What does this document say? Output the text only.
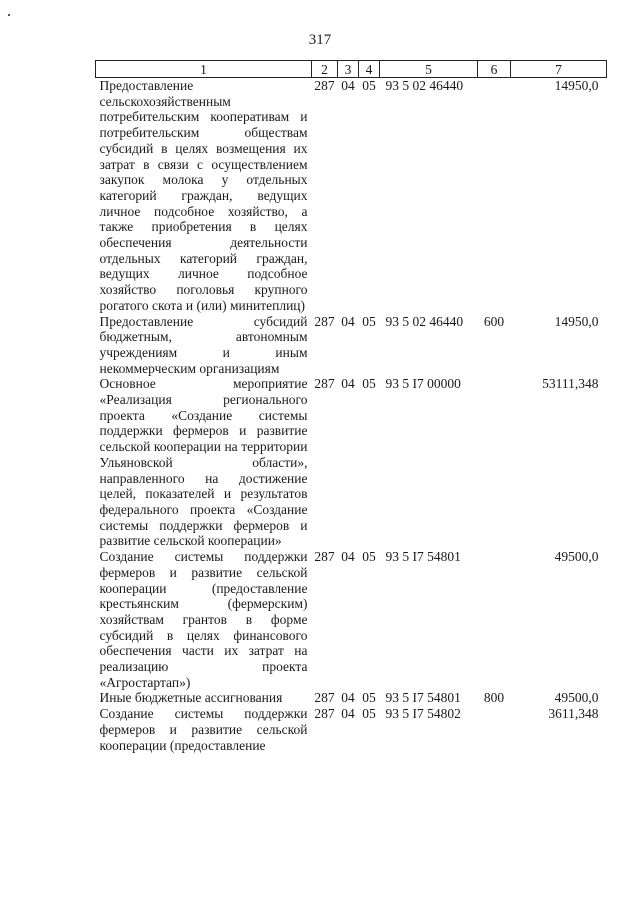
317
1	2	3	4	5	6	7
Предоставление сельскохозяйственным потребительским кооперативам и потребительским обществам субсидий в целях возмещения их затрат в связи с осуществлением закупок молока у отдельных категорий граждан, ведущих личное подсобное хозяйство, а также приобретения в целях обеспечения деятельности отдельных категорий граждан, ведущих личное подсобное хозяйство поголовья крупного рогатого скота и (или) минитеплиц)	287	04	05	93 5 02 46440		14950,0
Предоставление субсидий бюджетным, автономным учреждениям и иным некоммерческим организациям	287	04	05	93 5 02 46440	600	14950,0
Основное мероприятие «Реализация регионального проекта «Создание системы поддержки фермеров и развитие сельской кооперации на территории Ульяновской области», направленного на достижение целей, показателей и результатов федерального проекта «Создание системы поддержки фермеров и развитие сельской кооперации»	287	04	05	93 5 I7 00000		53111,348
Создание системы поддержки фермеров и развитие сельской кооперации (предоставление крестьянским (фермерским) хозяйствам грантов в форме субсидий в целях финансового обеспечения части их затрат на реализацию проекта «Агростартап»)	287	04	05	93 5 I7 54801		49500,0
Иные бюджетные ассигнования	287	04	05	93 5 I7 54801	800	49500,0
Создание системы поддержки фермеров и развитие сельской кооперации (предоставление	287	04	05	93 5 I7 54802		3611,348
